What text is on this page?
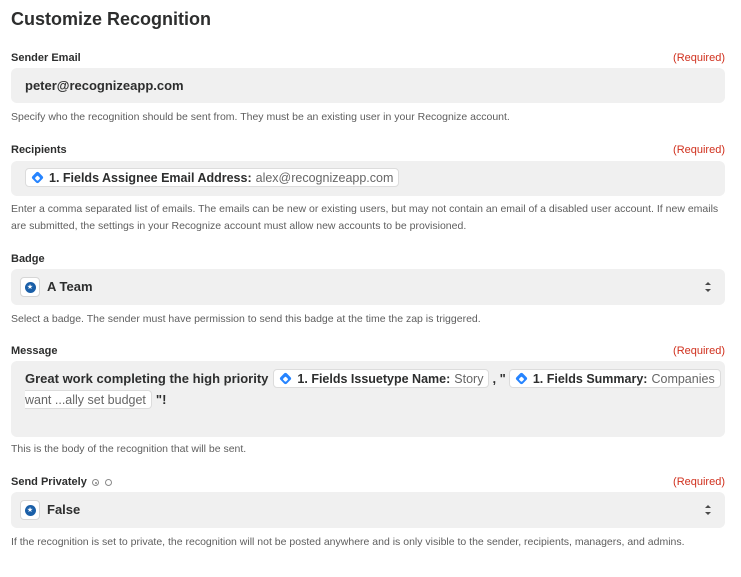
Customize Recognition
Sender Email	(Required)
peter@recognizeapp.com
Specify who the recognition should be sent from. They must be an existing user in your Recognize account.
Recipients	(Required)
1. Fields Assignee Email Address: alex@recognizeapp.com
Enter a comma separated list of emails. The emails can be new or existing users, but may not contain an email of a disabled user account. If new emails are submitted, the settings in your Recognize account must allow new accounts to be provisioned.
Badge
★ A Team
Select a badge. The sender must have permission to send this badge at the time the zap is triggered.
Message	(Required)
Great work completing the high priority 1. Fields Issuetype Name: Story , " 1. Fields Summary: Companies
want ...ally set budget "!
This is the body of the recognition that will be sent.
Send Privately	(Required)
★ False
If the recognition is set to private, the recognition will not be posted anywhere and is only visible to the sender, recipients, managers, and admins.
